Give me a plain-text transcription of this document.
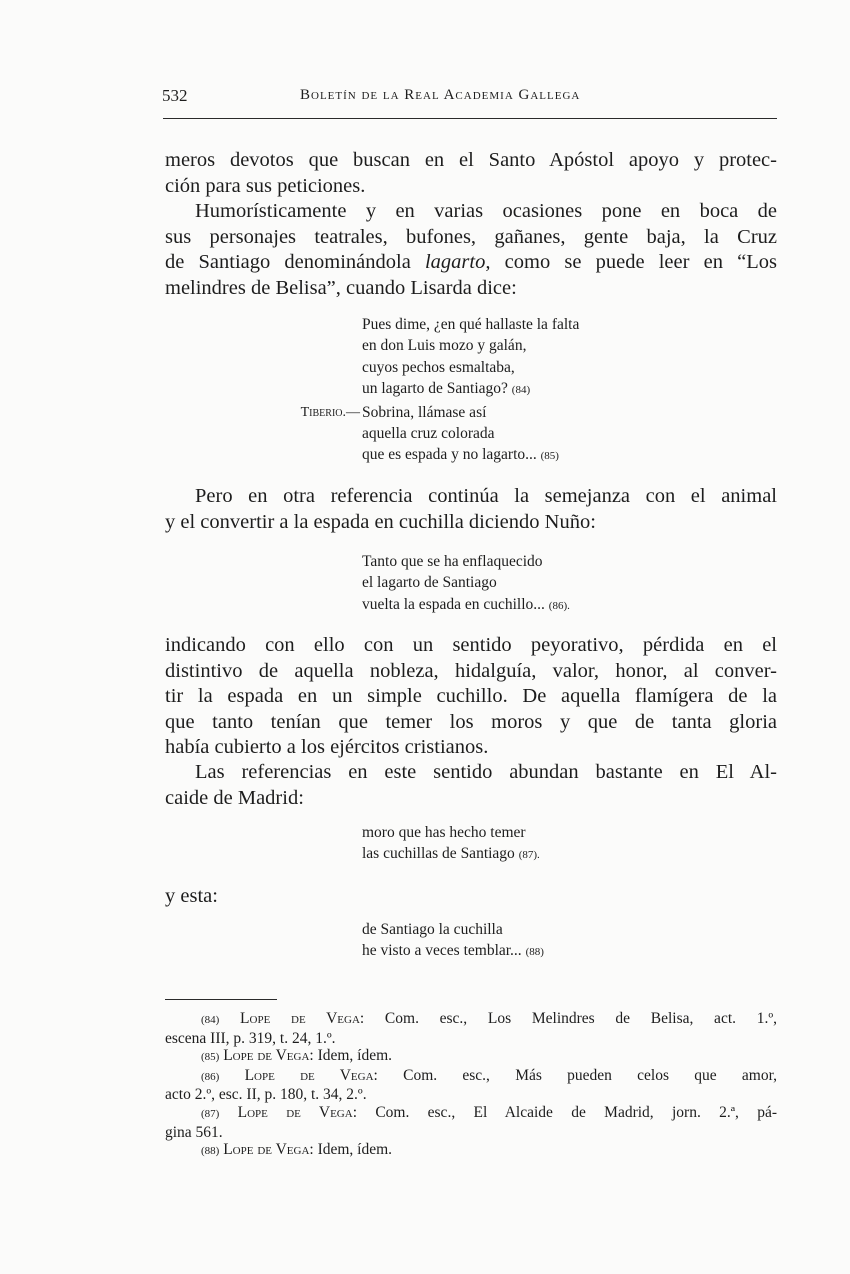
532	Boletín de la Real Academia Gallega
meros devotos que buscan en el Santo Apóstol apoyo y protec-
ción para sus peticiones.
Humorísticamente y en varias ocasiones pone en boca de
sus personajes teatrales, bufones, gañanes, gente baja, la Cruz
de Santiago denominándola lagarto, como se puede leer en “Los
melindres de Belisa”, cuando Lisarda dice:
Pues dime, ¿en qué hallaste la falta
en don Luis mozo y galán,
cuyos pechos esmaltaba,
un lagarto de Santiago? (84)
Tiberio.— Sobrina, llámase así
aquella cruz colorada
que es espada y no lagarto... (85)
Pero en otra referencia continúa la semejanza con el animal
y el convertir a la espada en cuchilla diciendo Nuño:
Tanto que se ha enflaquecido
el lagarto de Santiago
vuelta la espada en cuchillo... (86).
indicando con ello con un sentido peyorativo, pérdida en el
distintivo de aquella nobleza, hidalguía, valor, honor, al conver-
tir la espada en un simple cuchillo. De aquella flamígera de la
que tanto tenían que temer los moros y que de tanta gloria
había cubierto a los ejércitos cristianos.
Las referencias en este sentido abundan bastante en El Al-
caide de Madrid:
moro que has hecho temer
las cuchillas de Santiago (87).
y esta:
de Santiago la cuchilla
he visto a veces temblar... (88)
(84) Lope de Vega: Com. esc., Los Melindres de Belisa, act. 1.º,
escena III, p. 319, t. 24, 1.º.
(85) Lope de Vega: Idem, ídem.
(86) Lope de Vega: Com. esc., Más pueden celos que amor,
acto 2.º, esc. II, p. 180, t. 34, 2.º.
(87) Lope de Vega: Com. esc., El Alcaide de Madrid, jorn. 2.ª, pá-
gina 561.
(88) Lope de Vega: Idem, ídem.
